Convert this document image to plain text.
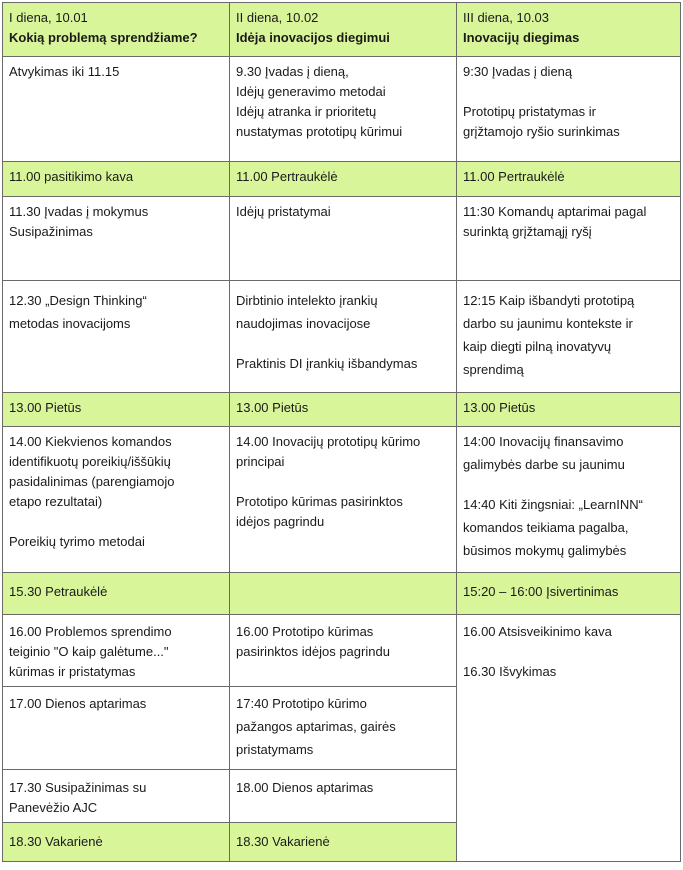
I diena, 10.01
Kokią problemą sprendžiame?	II diena, 10.02
Idėja inovacijos diegimui	III diena, 10.03
Inovacijų diegimas

Atvykimas iki 11.15	9.30 Įvadas į dieną,
Idėjų generavimo metodai
Idėjų atranka ir prioritetų
nustatymas prototipų kūrimui	9:30 Įvadas į dieną
Prototipų pristatymas ir
grįžtamojo ryšio surinkimas

11.00 pasitikimo kava	11.00 Pertraukėlė	11.00 Pertraukėlė

11.30 Įvadas į mokymus
Susipažinimas	Idėjų pristatymai	11:30 Komandų aptarimai pagal
surinktą grįžtamąjį ryšį

12.30 „Design Thinking“
metodas inovacijoms	Dirbtinio intelekto įrankių
naudojimas inovacijose
Praktinis DI įrankių išbandymas	12:15 Kaip išbandyti prototipą
darbo su jaunimu kontekste ir
kaip diegti pilną inovatyvų
sprendimą

13.00 Pietūs	13.00 Pietūs	13.00 Pietūs

14.00 Kiekvienos komandos
identifikuotų poreikių/iššūkių
pasidalinimas (parengiamojo
etapo rezultatai)
Poreikių tyrimo metodai	14.00 Inovacijų prototipų kūrimo
principai
Prototipo kūrimas pasirinktos
idėjos pagrindu	14:00 Inovacijų finansavimo
galimybės darbe su jaunimu
14:40 Kiti žingsniai: „LearnINN“
komandos teikiama pagalba,
būsimos mokymų galimybės

15.30 Petraukėlė		15:20 – 16:00 Įsivertinimas

16.00 Problemos sprendimo
teiginio "O kaip galėtume..."
kūrimas ir pristatymas	16.00 Prototipo kūrimas
pasirinktos idėjos pagrindu	16.00 Atsisveikinimo kava
16.30 Išvykimas

17.00 Dienos aptarimas	17:40 Prototipo kūrimo
pažangos aptarimas, gairės
pristatymams	

17.30 Susipažinimas su
Panevėžio AJC	18.00 Dienos aptarimas	

18.30 Vakarienė	18.30 Vakarienė	
